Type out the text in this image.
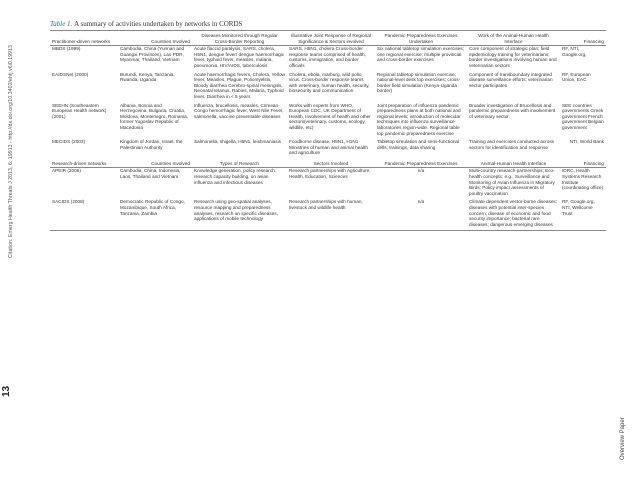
Citation: Emerg Health Threats J 2013, 6: 19913 - http://dx.doi.org/10.3402/ehtj.v6i0.19913
13
Overview Paper
Table 1. A summary of activities undertaken by networks in CORDS
Practitioner-driven networks	Countries Involved	Diseases Monitored through Regular Cross-Border Reporting	Illustrative Joint Response of Regional Significance & Sectors involved	Pandemic Preparedness Exercises Undertaken	Work of the Animal-Human Health Interface	Financing
MBDS (1999)	Cambodia, China (Yunnan and Guangxi Provinces), Lao PDR, Myanmar, Thailand, Vietnam	Acute flaccid paralysis, SARS, cholera, H5N1, dengue fever/ dengue haemorrhagic fever, typhoid fever, measles, malaria, pneumonia, HIV/AIDS, tuberculosis	SARS, H5N1, cholera Cross-border response teams comprised of health, customs, immigration, and border officials	Six national tabletop simulation exercises; one regional exercise; multiple provincial and cross-border exercises	Core component of strategic plan; field epidemiology training for veterinarians; border investigations involving human and veterinarian sectors	RF, NTI, Google.org,
EAIDSNet (2000)	Burundi, Kenya, Tanzania, Rwanda, Uganda	Acute haemorrhagic fevers, Cholera, Yellow fever, Measles, Plague, Poliomyelitis, Bloody diarrhea Cerebro-spinal meningitis, Neonatal tetanus, Rabies, Malaria, Typhoid fever, Diarrhea in < 5 years	Cholera, ebola, marburg, wild polio virus. Cross-border response teams with veterinary, human health, security, biosecurity and communication	Regional tabletop simulation exercise; national-level desk top exercises; cross-border field simulation (Kenya-Uganda border)	Component of transboundary integrated disease surveillance efforts; veterinarian sector participates	RF, European Union, EAC
SEEHN (Southeastern European Health network) (2001)	Albania, Bosnia and Herzegovina, Bulgaria, Croatia, Moldova, Montenegro, Romania, former Yugoslav Republic of Macedonia	Influenza, brucellosis, measles, Crimean-Congo hemorrhagic fever, West Nile Fever, salmonella; vaccine preventable diseases	Works with experts from WHO, European CDC, UK Department of Health, Involvement of health and other sectors(veterinary, customs, ecology, wildlife, etc)	Joint preparation of influenza pandemic preparedness plans at both national and regional levels; introduction of molecular techniques into influenza surveillance laboratories region-wide. Regional table top pandemic preparedness exercise	Broader investigation of Brucellosis and pandemic preparedness with involvement of veterinary sector.	SEE countries governments Greek government French government Belgian government
MECIDS (2003)	Kingdom of Jordan, Israel, the Palestinian Authority	Salmonella, shigella, H5N1, leishmaniasis	Foodborne disease, H5N1, H1N1 Ministries of human and animal health and agriculture	Tabletop simulation and semi-functional drills; trainings, data sharing	Training and exercises conducted across sectors for identification and response	NTI, World Bank
Research-driven networks	Countries Involved	Types of Research	Sectors Involved	Pandemic Preparedness Exercises	Animal-Human Health Interface	Financing
APEIR (2006)	Cambodia, China, Indonesia, Laos, Thailand and Vietnam	Knowledge generation, policy research, research capacity building, on avian influenza and infectious diseases	Research partnerships with Agriculture, Health, Education, Sciences	n/a	Multi-country research partnerships; Eco-health concepts; e.g., Surveillance and Monitoring of Avian Influenza in Migratory Birds; Policy impact assessments of poultry vaccination	IDRC, Health Systems Research Institute (coordinating office)
SACIDS (2008)	Democratic Republic of Congo, Mozambique, South Africa, Tanzania, Zambia	Research using geo-spatial analyses, resource mapping and preparedness analyses, research on specific diseases, applications of mobile technology	Research partnerships with human, livestock and wildlife health	n/a	Climate dependent vector-borne diseases; diseases with potential inter-species concern; disease of economic and food security importance; bacterial rare diseases; dangerous emerging diseases	RF, Google.org, NTI, Wellcome Trust
